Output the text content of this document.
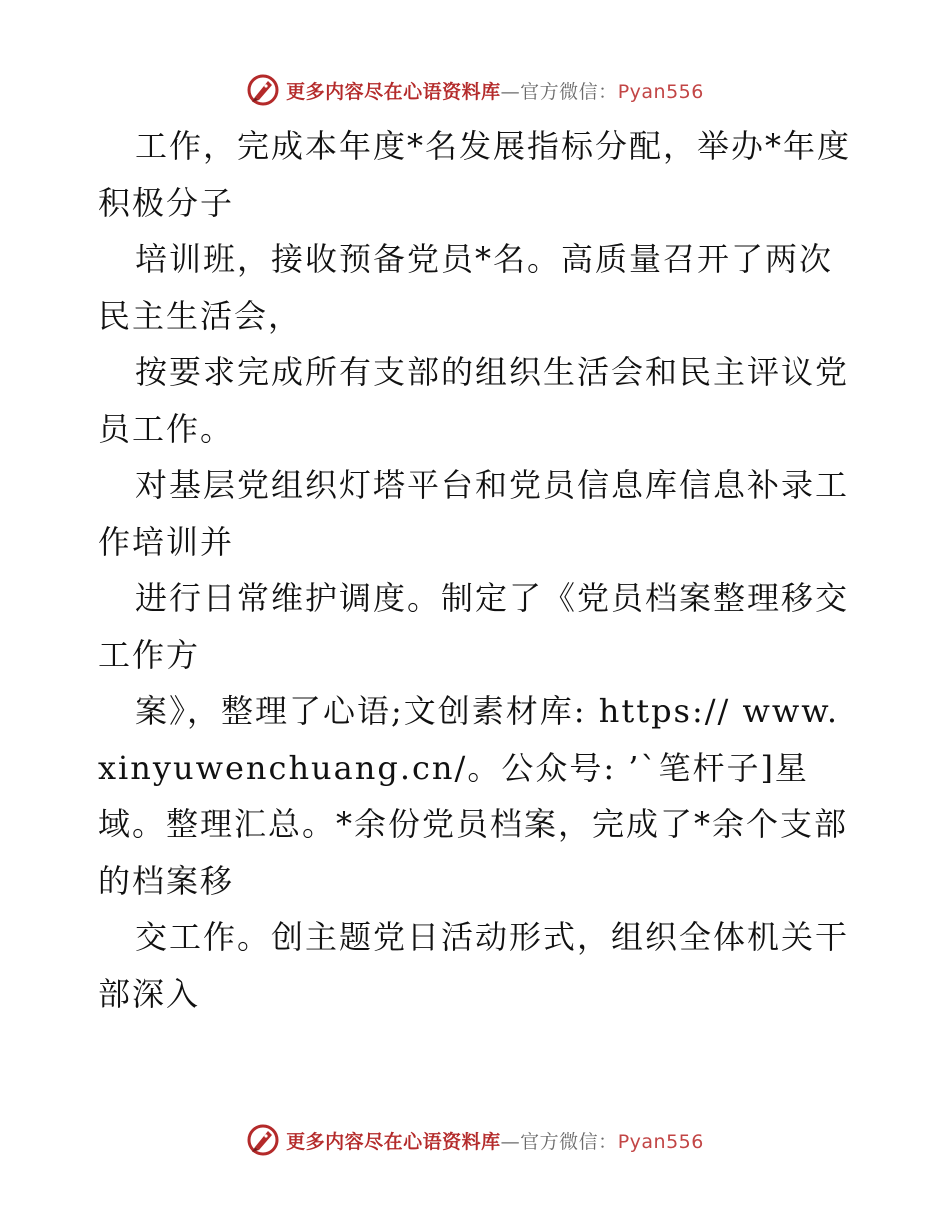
更多内容尽在心语资料库—官方微信：Pyan556

工作，完成本年度*名发展指标分配，举办*年度积极分子

培训班，接收预备党员*名。高质量召开了两次民主生活会，

按要求完成所有支部的组织生活会和民主评议党员工作。

对基层党组织灯塔平台和党员信息库信息补录工作培训并

进行日常维护调度。制定了《党员档案整理移交工作方

案》，整理了心语;文创素材库: https:// www.xinyuwenchuang.cn/。公众号: ’`笔杆子]星域。整理汇总。*余份党员档案，完成了*余个支部的档案移

交工作。创主题党日活动形式，组织全体机关干部深入

更多内容尽在心语资料库—官方微信：Pyan556
